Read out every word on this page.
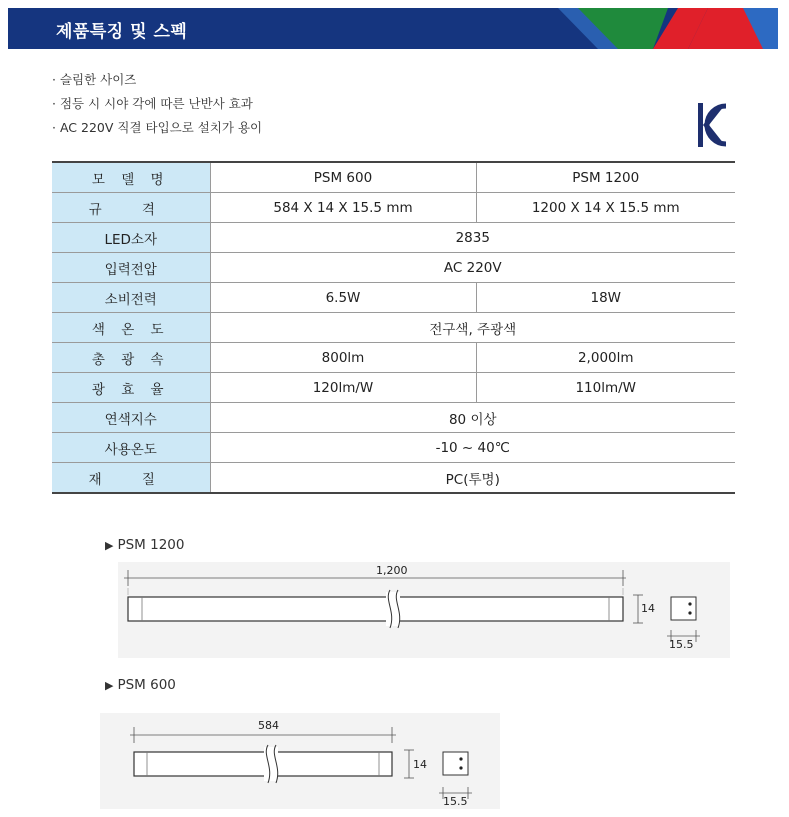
제품특징 및 스펙
· 슬림한 사이즈
· 점등 시 시야 각에 따른 난반사 효과
· AC 220V 직결 타입으로 설치가 용이
모 델 명	PSM 600	PSM 1200
규 격	584 X 14 X 15.5 mm	1200 X 14 X 15.5 mm
LED소자	2835	
입력전압	AC 220V	
소비전력	6.5W	18W
색 온 도	전구색, 주광색	
총 광 속	800lm	2,000lm
광 효 율	120lm/W	110lm/W
연색지수	80 이상	
사용온도	-10 ~ 40℃	
재 질	PC(투명)	
▶ PSM 1200
1,200
14
15.5
▶ PSM 600
584
14
15.5
